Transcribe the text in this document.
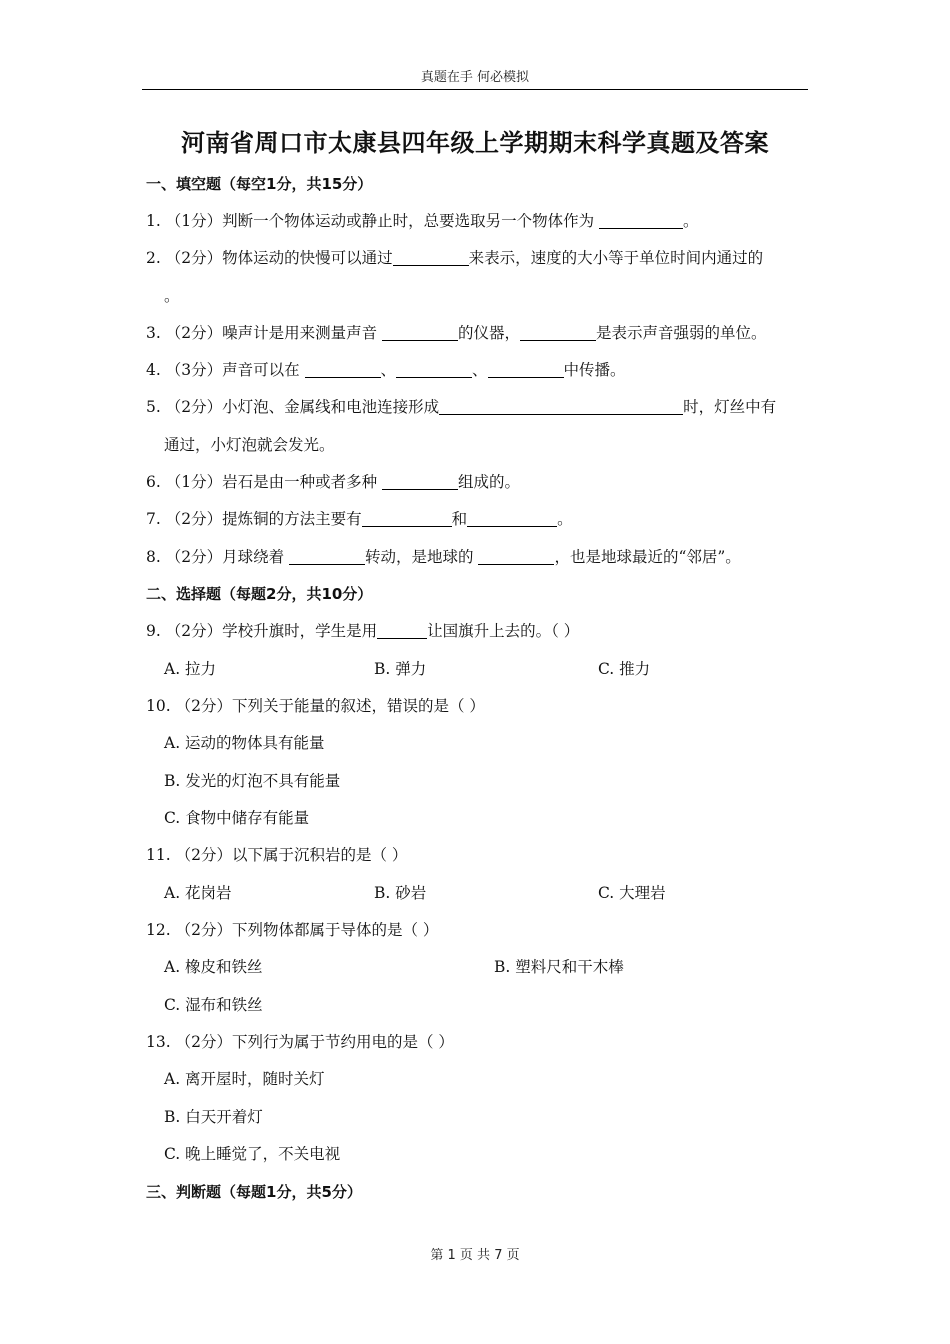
真题在手 何必模拟
河南省周口市太康县四年级上学期期末科学真题及答案
一、填空题（每空1分，共15分）
1. （1分）判断一个物体运动或静止时，总要选取另一个物体作为	。
2. （2分）物体运动的快慢可以通过	来表示，速度的大小等于单位时间内通过的
。
3. （2分）噪声计是用来测量声音	的仪器，	是表示声音强弱的单位。
4. （3分）声音可以在	、	、	中传播。
5. （2分）小灯泡、金属线和电池连接形成	时，灯丝中有
通过，小灯泡就会发光。
6. （1分）岩石是由一种或者多种	组成的。
7. （2分）提炼铜的方法主要有	和	。
8. （2分）月球绕着	转动，是地球的	，也是地球最近的“邻居”。
二、选择题（每题2分，共10分）
9. （2分）学校升旗时，学生是用	让国旗升上去的。（ ）
A. 拉力	B. 弹力	C. 推力
10. （2分）下列关于能量的叙述，错误的是（ ）
A. 运动的物体具有能量
B. 发光的灯泡不具有能量
C. 食物中储存有能量
11. （2分）以下属于沉积岩的是（ ）
A. 花岗岩	B. 砂岩	C. 大理岩
12. （2分）下列物体都属于导体的是（ ）
A. 橡皮和铁丝	B. 塑料尺和干木棒
C. 湿布和铁丝
13. （2分）下列行为属于节约用电的是（ ）
A. 离开屋时，随时关灯
B. 白天开着灯
C. 晚上睡觉了，不关电视
三、判断题（每题1分，共5分）
第 1 页 共 7 页
